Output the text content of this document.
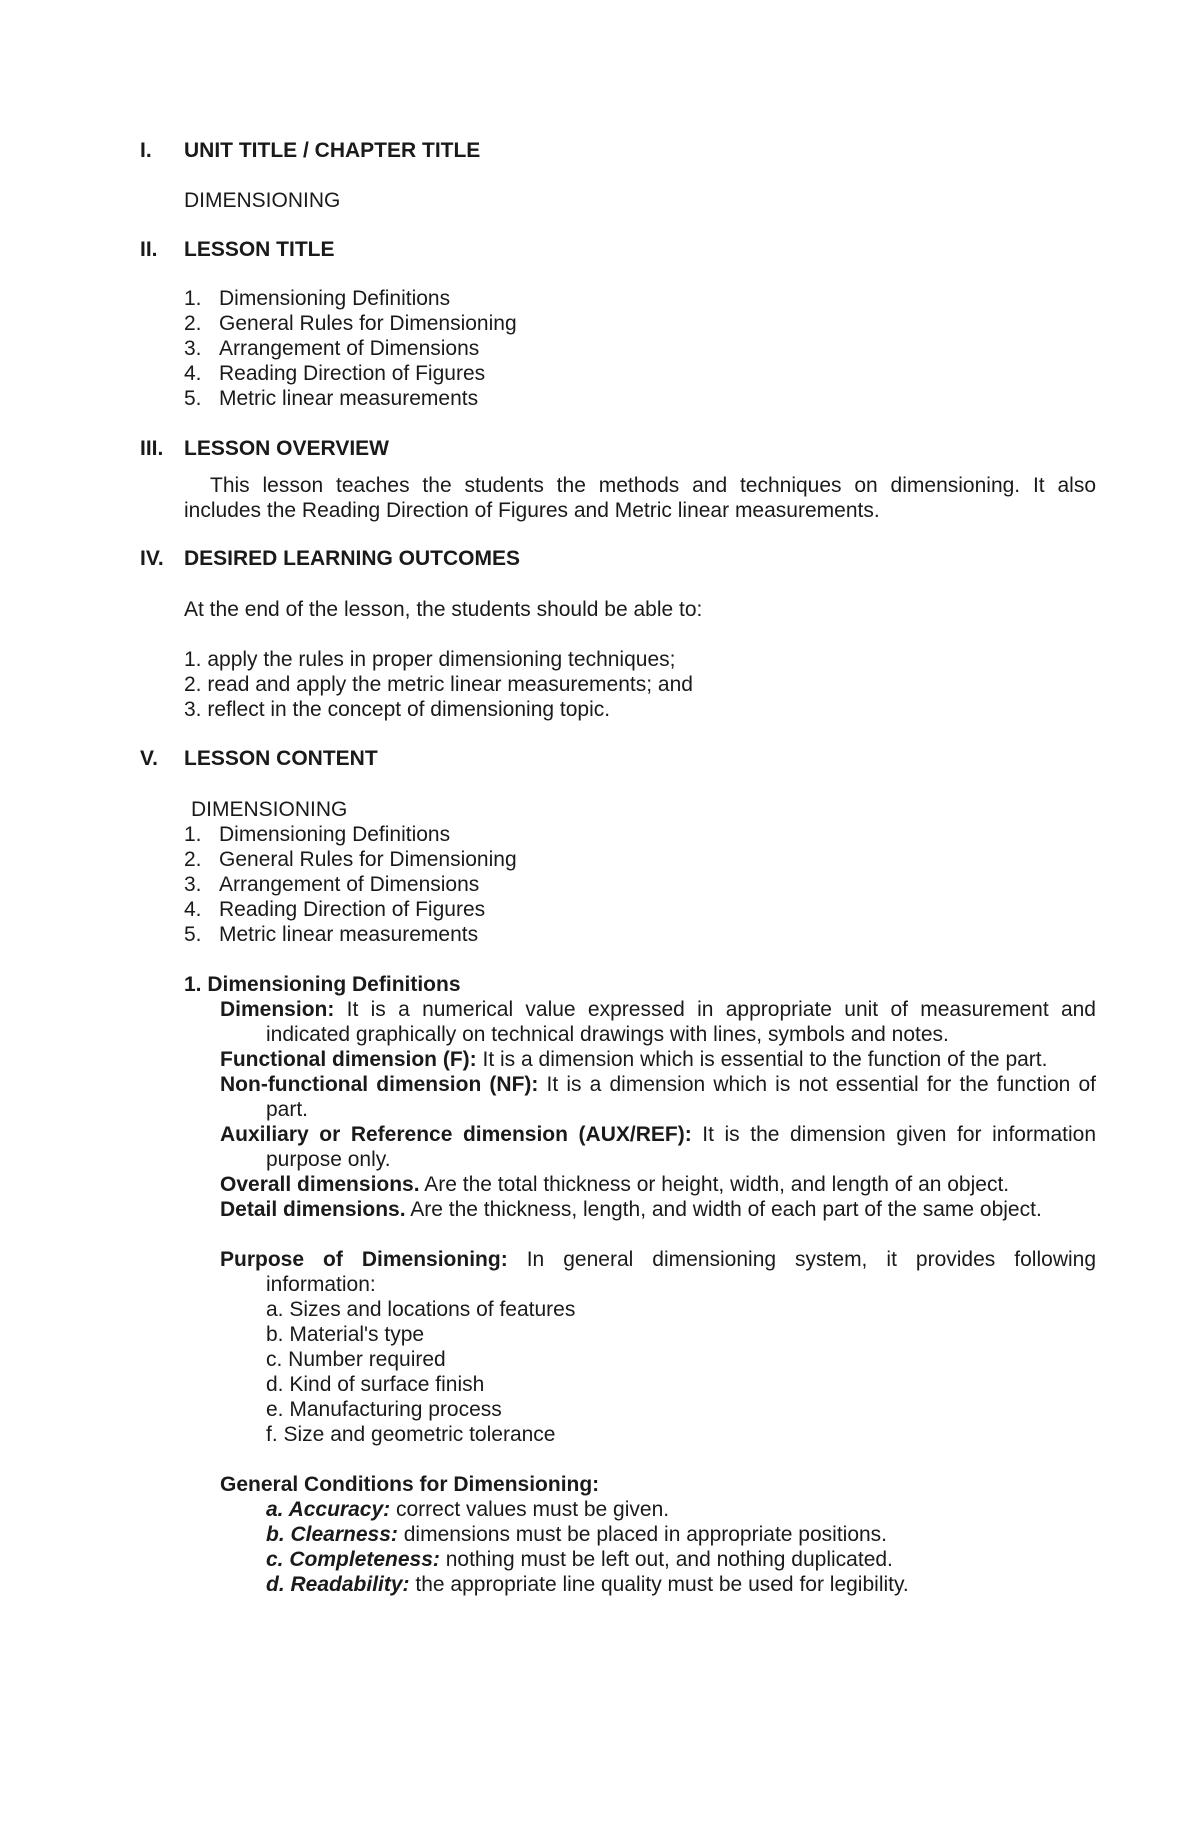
I. UNIT TITLE / CHAPTER TITLE
DIMENSIONING
II. LESSON TITLE
1. Dimensioning Definitions
2. General Rules for Dimensioning
3. Arrangement of Dimensions
4. Reading Direction of Figures
5. Metric linear measurements
III. LESSON OVERVIEW
This lesson teaches the students the methods and techniques on dimensioning. It also
includes the Reading Direction of Figures and Metric linear measurements.
IV. DESIRED LEARNING OUTCOMES
At the end of the lesson, the students should be able to:
1. apply the rules in proper dimensioning techniques;
2. read and apply the metric linear measurements; and
3. reflect in the concept of dimensioning topic.
V. LESSON CONTENT
DIMENSIONING
1. Dimensioning Definitions
2. General Rules for Dimensioning
3. Arrangement of Dimensions
4. Reading Direction of Figures
5. Metric linear measurements
1. Dimensioning Definitions
Dimension: It is a numerical value expressed in appropriate unit of measurement and
indicated graphically on technical drawings with lines, symbols and notes.
Functional dimension (F): It is a dimension which is essential to the function of the part.
Non-functional dimension (NF): It is a dimension which is not essential for the function of
part.
Auxiliary or Reference dimension (AUX/REF): It is the dimension given for information
purpose only.
Overall dimensions. Are the total thickness or height, width, and length of an object.
Detail dimensions. Are the thickness, length, and width of each part of the same object.
Purpose of Dimensioning: In general dimensioning system, it provides following
information:
a. Sizes and locations of features
b. Material's type
c. Number required
d. Kind of surface finish
e. Manufacturing process
f. Size and geometric tolerance
General Conditions for Dimensioning:
a. Accuracy: correct values must be given.
b. Clearness: dimensions must be placed in appropriate positions.
c. Completeness: nothing must be left out, and nothing duplicated.
d. Readability: the appropriate line quality must be used for legibility.
